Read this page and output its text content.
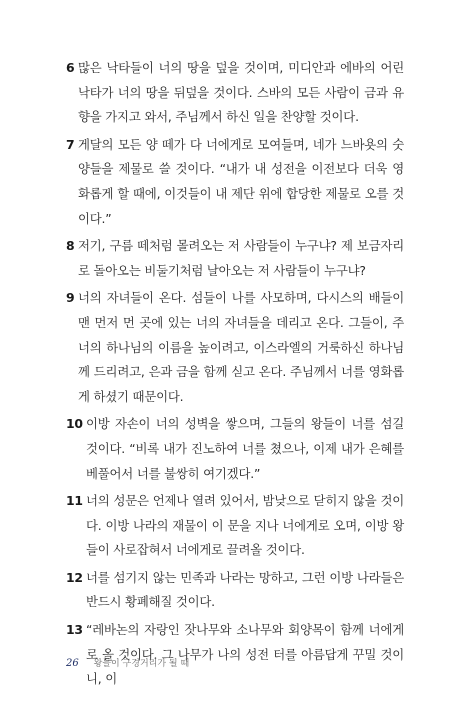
6 많은 낙타들이 너의 땅을 덮을 것이며, 미디안과 에바의 어린 낙타가 너의 땅을 뒤덮을 것이다. 스바의 모든 사람이 금과 유향을 가지고 와서, 주님께서 하신 일을 찬양할 것이다.

7 게달의 모든 양 떼가 다 너에게로 모여들며, 네가 느바욧의 숫양들을 제물로 쓸 것이다. “내가 내 성전을 이전보다 더욱 영화롭게 할 때에, 이것들이 내 제단 위에 합당한 제물로 오를 것이다.”

8 저기, 구름 떼처럼 몰려오는 저 사람들이 누구냐? 제 보금자리로 돌아오는 비둘기처럼 날아오는 저 사람들이 누구냐?

9 너의 자녀들이 온다. 섬들이 나를 사모하며, 다시스의 배들이 맨 먼저 먼 곳에 있는 너의 자녀들을 데리고 온다. 그들이, 주 너의 하나님의 이름을 높이려고, 이스라엘의 거룩하신 하나님께 드리려고, 은과 금을 함께 싣고 온다. 주님께서 너를 영화롭게 하셨기 때문이다.

10 이방 자손이 너의 성벽을 쌓으며, 그들의 왕들이 너를 섬길 것이다. “비록 내가 진노하여 너를 쳤으나, 이제 내가 은혜를 베풀어서 너를 불쌍히 여기겠다.”

11 너의 성문은 언제나 열려 있어서, 밤낮으로 닫히지 않을 것이다. 이방 나라의 재물이 이 문을 지나 너에게로 오며, 이방 왕들이 사로잡혀서 너에게로 끌려올 것이다.

12 너를 섬기지 않는 민족과 나라는 망하고, 그런 이방 나라들은 반드시 황폐해질 것이다.

13 “레바논의 자랑인 잣나무와 소나무와 회양목이 함께 너에게로 올 것이다. 그 나무가 나의 성전 터를 아름답게 꾸밀 것이니, 이

26 왕들이 구경거리가 될 때
